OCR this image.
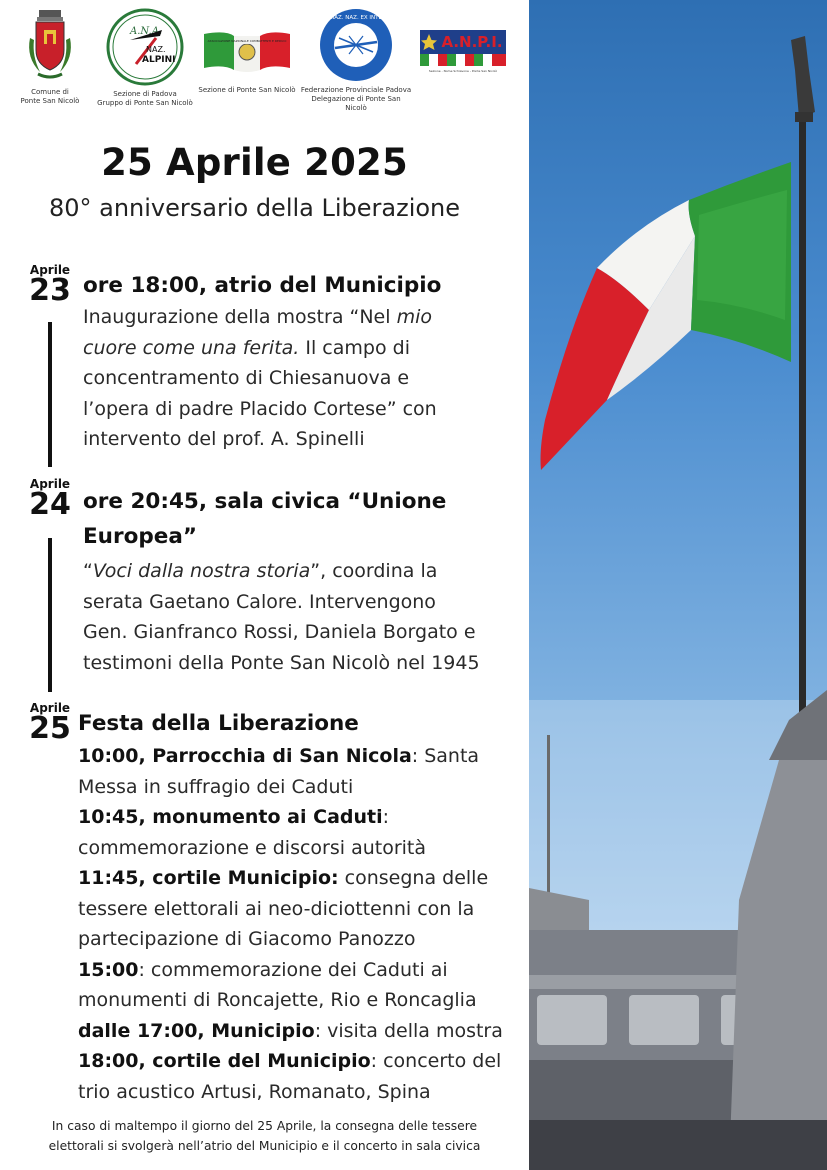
Comune di
Ponte San Nicolò
A.N.A.
NAZ.
ALPINI
Sezione di Padova
Gruppo di Ponte San Nicolò
ASSOCIAZIONE NAZIONALE COMBATTENTI E REDUCI
Sezione di Ponte San Nicolò
ASSOCIAZ. NAZ. EX INTERNATI
Federazione Provinciale Padova
Delegazione di Ponte San Nicolò
A.N.P.I.
Sezione - Nome Schiavone - Ponte San Nicolò
25 Aprile 2025
80° anniversario della Liberazione
Aprile
23 ore 18:00, atrio del Municipio
Inaugurazione della mostra “Nel mio
cuore come una ferita. Il campo di
concentramento di Chiesanuova e
l’opera di padre Placido Cortese” con
intervento del prof. A. Spinelli
Aprile
24 ore 20:45, sala civica “Unione
Europea”
“Voci dalla nostra storia”, coordina la
serata Gaetano Calore. Intervengono
Gen. Gianfranco Rossi, Daniela Borgato e
testimoni della Ponte San Nicolò nel 1945
Aprile
25 Festa della Liberazione
10:00, Parrocchia di San Nicola: Santa
Messa in suffragio dei Caduti
10:45, monumento ai Caduti:
commemorazione e discorsi autorità
11:45, cortile Municipio: consegna delle
tessere elettorali ai neo-diciottenni con la
partecipazione di Giacomo Panozzo
15:00: commemorazione dei Caduti ai
monumenti di Roncajette, Rio e Roncaglia
dalle 17:00, Municipio: visita della mostra
18:00, cortile del Municipio: concerto del
trio acustico Artusi, Romanato, Spina
In caso di maltempo il giorno del 25 Aprile, la consegna delle tessere
elettorali si svolgerà nell’atrio del Municipio e il concerto in sala civica
